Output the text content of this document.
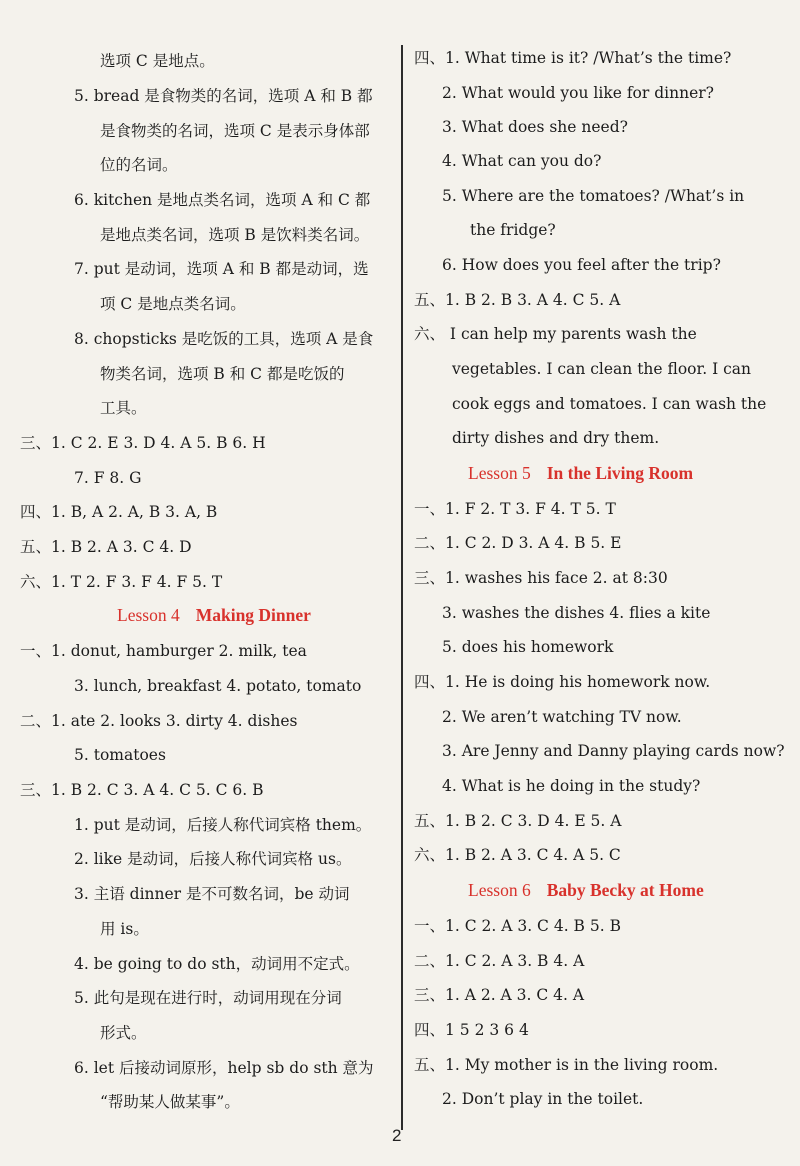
选项 C 是地点。
5. bread 是食物类的名词，选项 A 和 B 都
是食物类的名词，选项 C 是表示身体部
位的名词。
6. kitchen 是地点类名词，选项 A 和 C 都
是地点类名词，选项 B 是饮料类名词。
7. put 是动词，选项 A 和 B 都是动词，选
项 C 是地点类名词。
8. chopsticks 是吃饭的工具，选项 A 是食
物类名词，选项 B 和 C 都是吃饭的
工具。
三、1. C 2. E 3. D 4. A 5. B 6. H
7. F 8. G
四、1. B, A 2. A, B 3. A, B
五、1. B 2. A 3. C 4. D
六、1. T 2. F 3. F 4. F 5. T
Lesson 4 Making Dinner
一、1. donut, hamburger 2. milk, tea
3. lunch, breakfast 4. potato, tomato
二、1. ate 2. looks 3. dirty 4. dishes
5. tomatoes
三、1. B 2. C 3. A 4. C 5. C 6. B
1. put 是动词，后接人称代词宾格 them。
2. like 是动词，后接人称代词宾格 us。
3. 主语 dinner 是不可数名词，be 动词
用 is。
4. be going to do sth，动词用不定式。
5. 此句是现在进行时，动词用现在分词
形式。
6. let 后接动词原形，help sb do sth 意为
“帮助某人做某事”。
四、1. What time is it? /What’s the time?
2. What would you like for dinner?
3. What does she need?
4. What can you do?
5. Where are the tomatoes? /What’s in
the fridge?
6. How does you feel after the trip?
五、1. B 2. B 3. A 4. C 5. A
六、 I can help my parents wash the
vegetables. I can clean the floor. I can
cook eggs and tomatoes. I can wash the
dirty dishes and dry them.
Lesson 5 In the Living Room
一、1. F 2. T 3. F 4. T 5. T
二、1. C 2. D 3. A 4. B 5. E
三、1. washes his face 2. at 8:30
3. washes the dishes 4. flies a kite
5. does his homework
四、1. He is doing his homework now.
2. We aren’t watching TV now.
3. Are Jenny and Danny playing cards now?
4. What is he doing in the study?
五、1. B 2. C 3. D 4. E 5. A
六、1. B 2. A 3. C 4. A 5. C
Lesson 6 Baby Becky at Home
一、1. C 2. A 3. C 4. B 5. B
二、1. C 2. A 3. B 4. A
三、1. A 2. A 3. C 4. A
四、1 5 2 3 6 4
五、1. My mother is in the living room.
2. Don’t play in the toilet.
2
